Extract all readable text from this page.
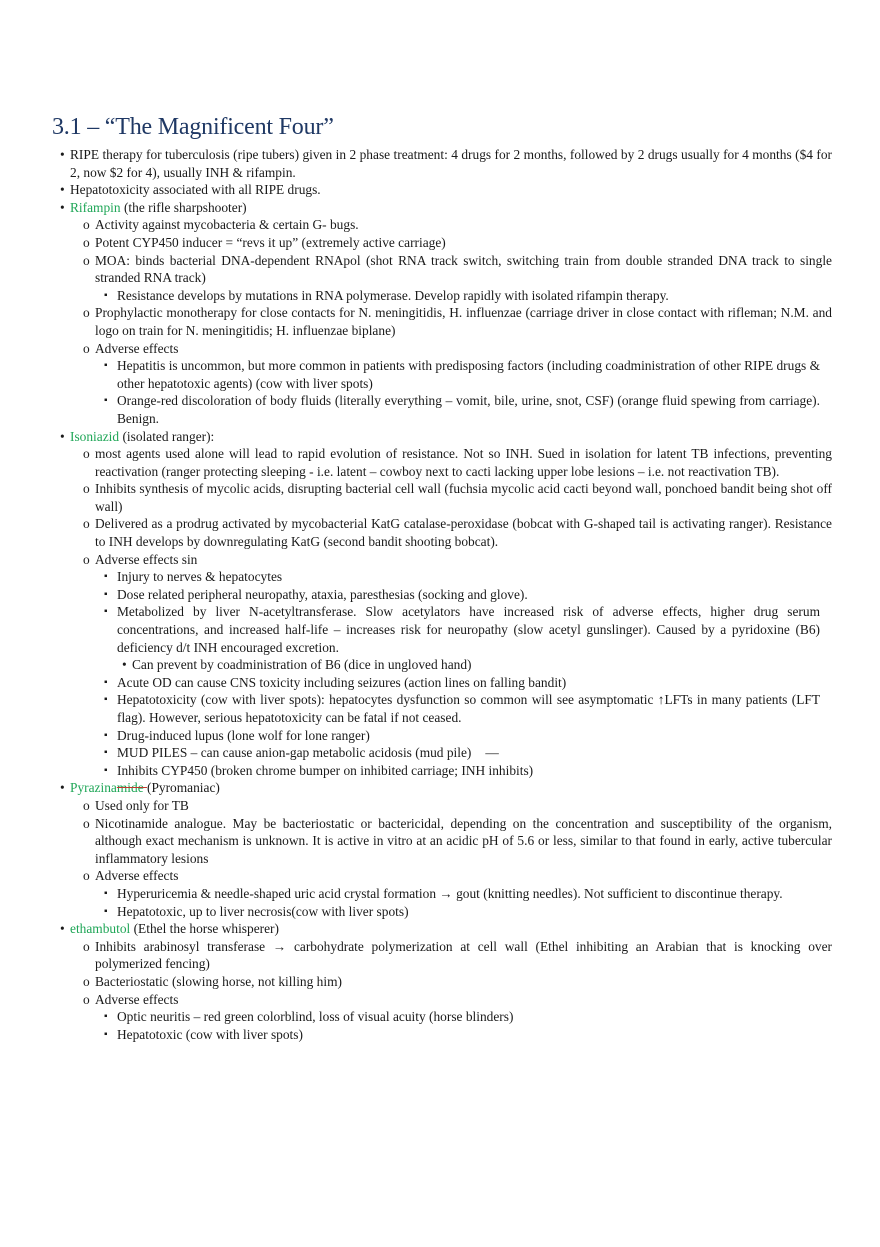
3.1 – “The Magnificent Four”

• RIPE therapy for tuberculosis (ripe tubers) given in 2 phase treatment: 4 drugs for 2 months, followed by 2 drugs usually for 4 months ($4 for 2, now $2 for 4), usually INH & rifampin.

• Hepatotoxicity associated with all RIPE drugs.

• Rifampin (the rifle sharpshooter)

o Activity against mycobacteria & certain G- bugs.

o Potent CYP450 inducer = “revs it up” (extremely active carriage)

o MOA: binds bacterial DNA-dependent RNApol (shot RNA track switch, switching train from double stranded DNA track to single stranded RNA track)

▪ Resistance develops by mutations in RNA polymerase. Develop rapidly with isolated rifampin therapy.

o Prophylactic monotherapy for close contacts for N. meningitidis, H. influenzae (carriage driver in close contact with rifleman; N.M. and logo on train for N. meningitidis; H. influenzae biplane)

o Adverse effects

▪ Hepatitis is uncommon, but more common in patients with predisposing factors (including coadministration of other RIPE drugs & other hepatotoxic agents) (cow with liver spots)

▪ Orange-red discoloration of body fluids (literally everything – vomit, bile, urine, snot, CSF) (orange fluid spewing from carriage). Benign.

• Isoniazid (isolated ranger):

o most agents used alone will lead to rapid evolution of resistance. Not so INH. Sued in isolation for latent TB infections, preventing reactivation (ranger protecting sleeping - i.e. latent – cowboy next to cacti lacking upper lobe lesions – i.e. not reactivation TB).

o Inhibits synthesis of mycolic acids, disrupting bacterial cell wall (fuchsia mycolic acid cacti beyond wall, ponchoed bandit being shot off wall)

o Delivered as a prodrug activated by mycobacterial KatG catalase-peroxidase (bobcat with G-shaped tail is activating ranger). Resistance to INH develops by downregulating KatG (second bandit shooting bobcat).

o Adverse effects sin

▪ Injury to nerves & hepatocytes

▪ Dose related peripheral neuropathy, ataxia, paresthesias (socking and glove).

▪ Metabolized by liver N-acetyltransferase. Slow acetylators have increased risk of adverse effects, higher drug serum concentrations, and increased half-life – increases risk for neuropathy (slow acetyl gunslinger). Caused by a pyridoxine (B6) deficiency d/t INH encouraged excretion.

• Can prevent by coadministration of B6 (dice in ungloved hand)

▪ Acute OD can cause CNS toxicity including seizures (action lines on falling bandit)

▪ Hepatotoxicity (cow with liver spots): hepatocytes dysfunction so common will see asymptomatic ↑LFTs in many patients (LFT flag). However, serious hepatotoxicity can be fatal if not ceased.

▪ Drug-induced lupus (lone wolf for lone ranger)

▪ MUD PILES – can cause anion-gap metabolic acidosis (mud pile) —

▪ Inhibits CYP450 (broken chrome bumper on inhibited carriage; INH inhibits)

• Pyrazinamide (Pyromaniac)

o Used only for TB

o Nicotinamide analogue. May be bacteriostatic or bactericidal, depending on the concentration and susceptibility of the organism, although exact mechanism is unknown. It is active in vitro at an acidic pH of 5.6 or less, similar to that found in early, active tubercular inflammatory lesions

o Adverse effects

▪ Hyperuricemia & needle-shaped uric acid crystal formation → gout (knitting needles). Not sufficient to discontinue therapy.

▪ Hepatotoxic, up to liver necrosis(cow with liver spots)

• ethambutol (Ethel the horse whisperer)

o Inhibits arabinosyl transferase → carbohydrate polymerization at cell wall (Ethel inhibiting an Arabian that is knocking over polymerized fencing)

o Bacteriostatic (slowing horse, not killing him)

o Adverse effects

▪ Optic neuritis – red green colorblind, loss of visual acuity (horse blinders)

▪ Hepatotoxic (cow with liver spots)
